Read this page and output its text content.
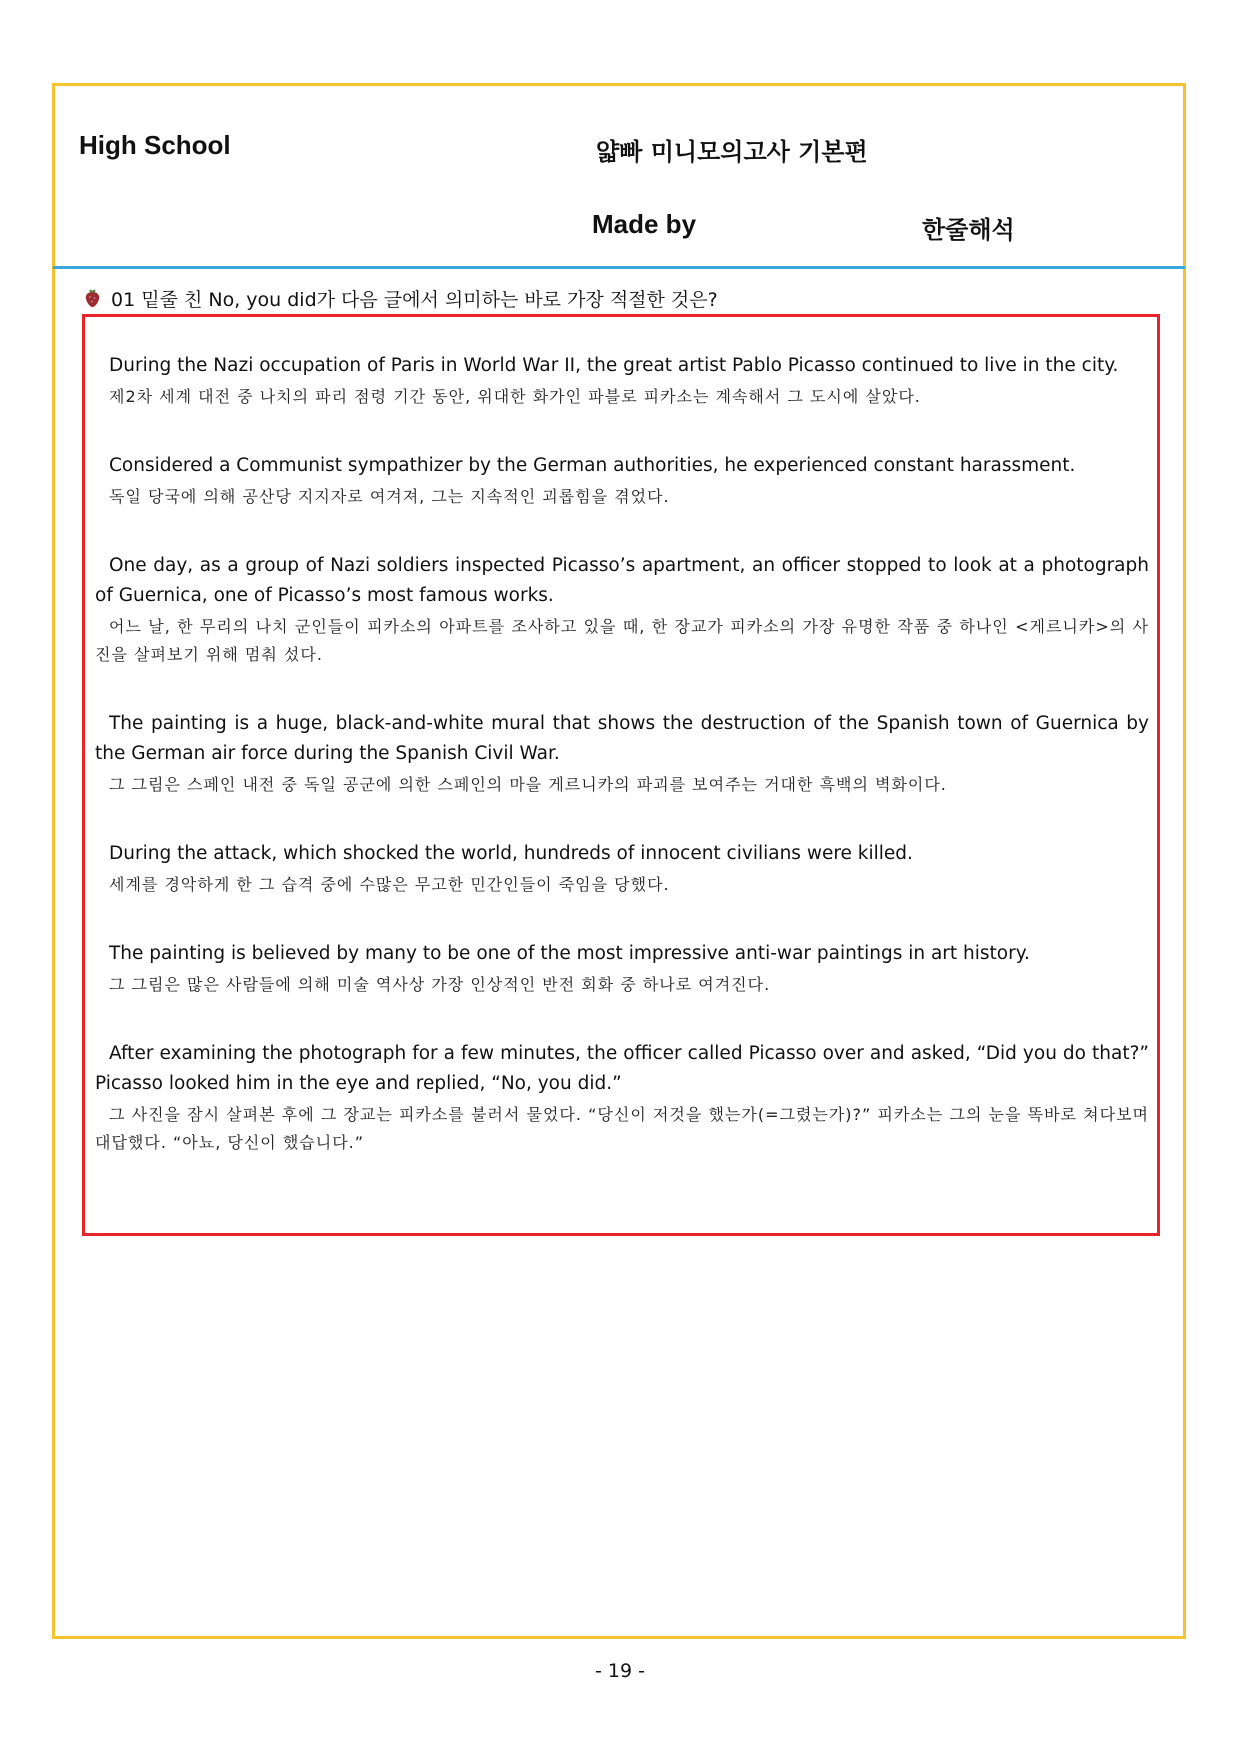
High School	얇빠 미니모의고사 기본편
Made by	한줄해석
01 밑줄 친 No, you did가 다음 글에서 의미하는 바로 가장 적절한 것은?

During the Nazi occupation of Paris in World War II, the great artist Pablo Picasso continued to live in the city.

제2차 세계 대전 중 나치의 파리 점령 기간 동안, 위대한 화가인 파블로 피카소는 계속해서 그 도시에 살았다.

Considered a Communist sympathizer by the German authorities, he experienced constant harassment.

독일 당국에 의해 공산당 지지자로 여겨져, 그는 지속적인 괴롭힘을 겪었다.

One day, as a group of Nazi soldiers inspected Picasso’s apartment, an officer stopped to look at a photograph of Guernica, one of Picasso’s most famous works.

어느 날, 한 무리의 나치 군인들이 피카소의 아파트를 조사하고 있을 때, 한 장교가 피카소의 가장 유명한 작품 중 하나인 <게르니카>의 사진을 살펴보기 위해 멈춰 섰다.

The painting is a huge, black-and-white mural that shows the destruction of the Spanish town of Guernica by the German air force during the Spanish Civil War.

그 그림은 스페인 내전 중 독일 공군에 의한 스페인의 마을 게르니카의 파괴를 보여주는 거대한 흑백의 벽화이다.

During the attack, which shocked the world, hundreds of innocent civilians were killed.

세계를 경악하게 한 그 습격 중에 수많은 무고한 민간인들이 죽임을 당했다.

The painting is believed by many to be one of the most impressive anti-war paintings in art history.

그 그림은 많은 사람들에 의해 미술 역사상 가장 인상적인 반전 회화 중 하나로 여겨진다.

After examining the photograph for a few minutes, the officer called Picasso over and asked, “Did you do that?” Picasso looked him in the eye and replied, “No, you did.”

그 사진을 잠시 살펴본 후에 그 장교는 피카소를 불러서 물었다. “당신이 저것을 했는가(=그렸는가)?” 피카소는 그의 눈을 똑바로 쳐다보며 대답했다. “아뇨, 당신이 했습니다.”

- 19 -
